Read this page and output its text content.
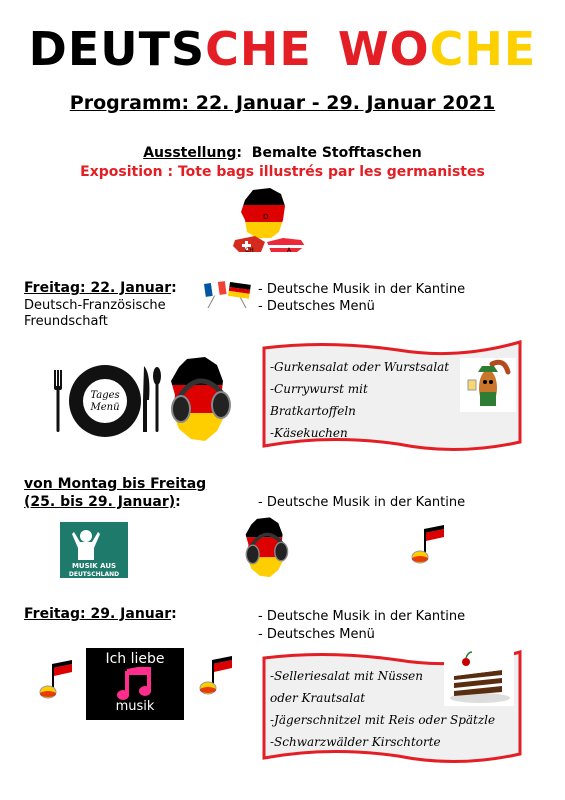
DEUTSCHE WOCHE
Programm: 22. Januar - 29. Januar 2021
Ausstellung:  Bemalte Stofftaschen
Exposition : Tote bags illustrés par les germanistes
D
CH	A
Freitag: 22. Januar:
Deutsch-Französische
Freundschaft
- Deutsche Musik in der Kantine
- Deutsches Menü
Tages
Menü
-Gurkensalat oder Wurstsalat
-Currywurst mit
Bratkartoffeln
-Käsekuchen
von Montag bis Freitag
(25. bis 29. Januar):	- Deutsche Musik in der Kantine
MUSIK AUS
DEUTSCHLAND
Freitag: 29. Januar:	- Deutsche Musik in der Kantine
- Deutsches Menü
Ich liebe
musik
-Selleriesalat mit Nüssen
oder Krautsalat
-Jägerschnitzel mit Reis oder Spätzle
-Schwarzwälder Kirschtorte
